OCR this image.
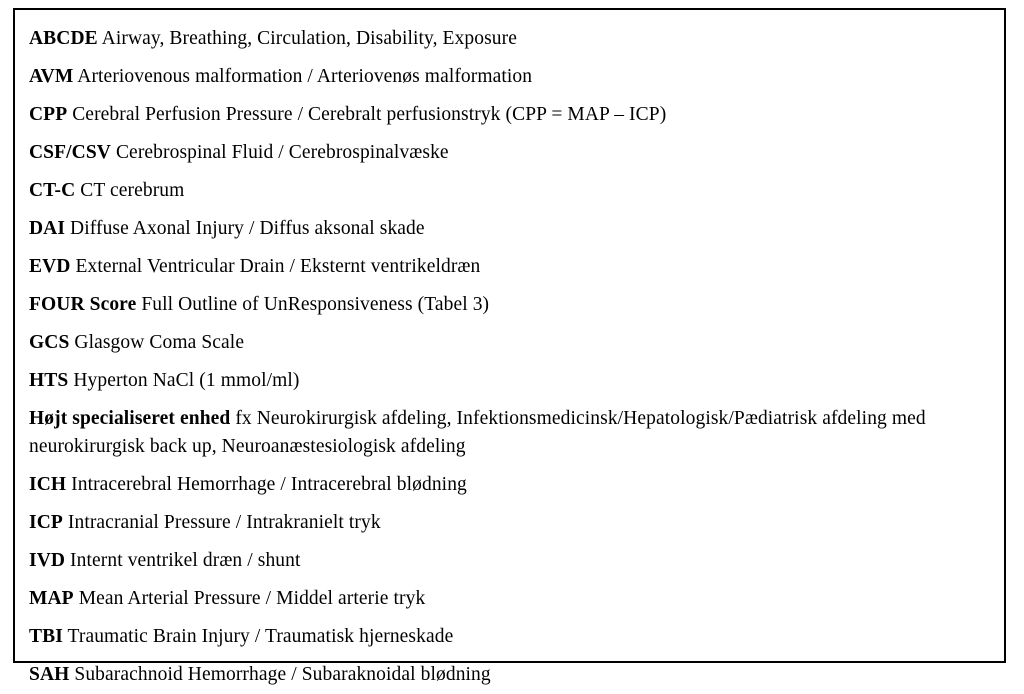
ABCDE Airway, Breathing, Circulation, Disability, Exposure
AVM Arteriovenous malformation / Arteriovenøs malformation
CPP Cerebral Perfusion Pressure / Cerebralt perfusionstryk (CPP = MAP – ICP)
CSF/CSV Cerebrospinal Fluid / Cerebrospinalvæske
CT-C CT cerebrum
DAI Diffuse Axonal Injury / Diffus aksonal skade
EVD External Ventricular Drain / Eksternt ventrikeldræn
FOUR Score Full Outline of UnResponsiveness (Tabel 3)
GCS Glasgow Coma Scale
HTS Hyperton NaCl (1 mmol/ml)
Højt specialiseret enhed fx Neurokirurgisk afdeling, Infektionsmedicinsk/Hepatologisk/Pædiatrisk afdeling med neurokirurgisk back up, Neuroanæstesiologisk afdeling
ICH Intracerebral Hemorrhage / Intracerebral blødning
ICP Intracranial Pressure / Intrakranielt tryk
IVD Internt ventrikel dræn / shunt
MAP Mean Arterial Pressure / Middel arterie tryk
TBI Traumatic Brain Injury / Traumatisk hjerneskade
SAH Subarachnoid Hemorrhage / Subaraknoidal blødning
